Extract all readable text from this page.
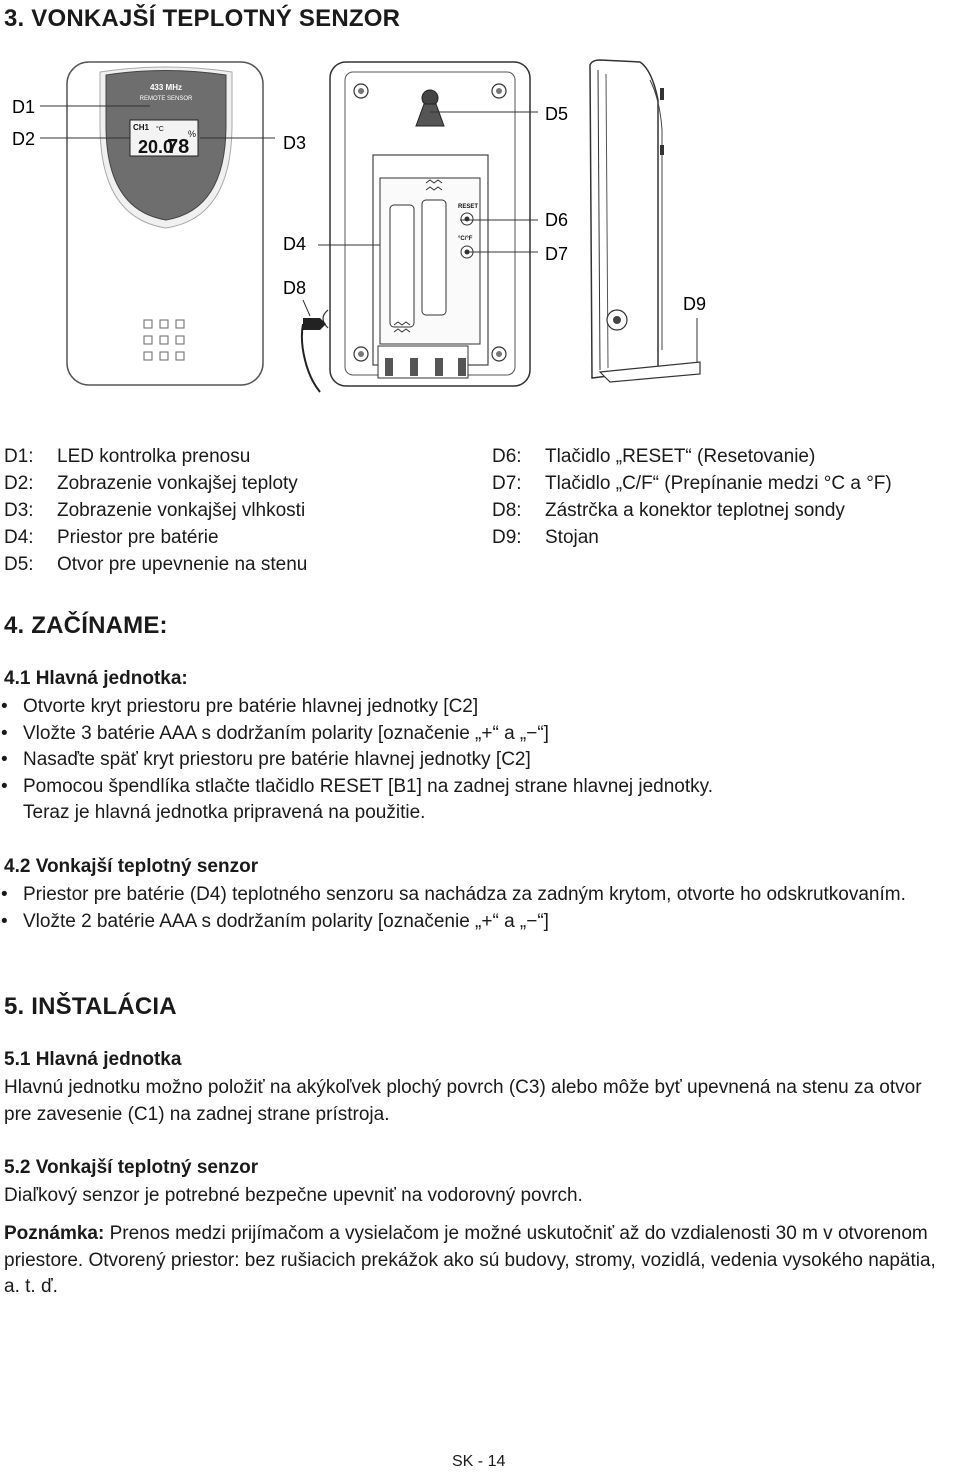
3. VONKAJŠÍ TEPLOTNÝ SENZOR
433 MHz
REMOTE SENSOR
CH1
20.0
°C
78
%
RESET
°C/°F
D1
D2	D3
D4
D5
D6
D7
D8
D9
D1: LED kontrolka prenosu
D2: Zobrazenie vonkajšej teploty
D3: Zobrazenie vonkajšej vlhkosti
D4: Priestor pre batérie
D5: Otvor pre upevnenie na stenu
D6: Tlačidlo „RESET“ (Resetovanie)
D7: Tlačidlo „C/F“ (Prepínanie medzi °C a °F)
D8: Zástrčka a konektor teplotnej sondy
D9: Stojan
4. ZAČÍNAME:
4.1 Hlavná jednotka:
• Otvorte kryt priestoru pre batérie hlavnej jednotky [C2]
• Vložte 3 batérie AAA s dodržaním polarity [označenie „+“ a „−“]
• Nasaďte späť kryt priestoru pre batérie hlavnej jednotky [C2]
• Pomocou špendlíka stlačte tlačidlo RESET [B1] na zadnej strane hlavnej jednotky.
Teraz je hlavná jednotka pripravená na použitie.
4.2 Vonkajší teplotný senzor
• Priestor pre batérie (D4) teplotného senzoru sa nachádza za zadným krytom, otvorte ho odskrutkovaním.
• Vložte 2 batérie AAA s dodržaním polarity [označenie „+“ a „−“]
5. INŠTALÁCIA
5.1 Hlavná jednotka
Hlavnú jednotku možno položiť na akýkoľvek plochý povrch (C3) alebo môže byť upevnená na stenu za otvor pre zavesenie (C1) na zadnej strane prístroja.
5.2 Vonkajší teplotný senzor
Diaľkový senzor je potrebné bezpečne upevniť na vodorovný povrch.
Poznámka: Prenos medzi prijímačom a vysielačom je možné uskutočniť až do vzdialenosti 30 m v otvorenom priestore. Otvorený priestor: bez rušiacich prekážok ako sú budovy, stromy, vozidlá, vedenia vysokého napätia, a. t. ď.
SK - 14
